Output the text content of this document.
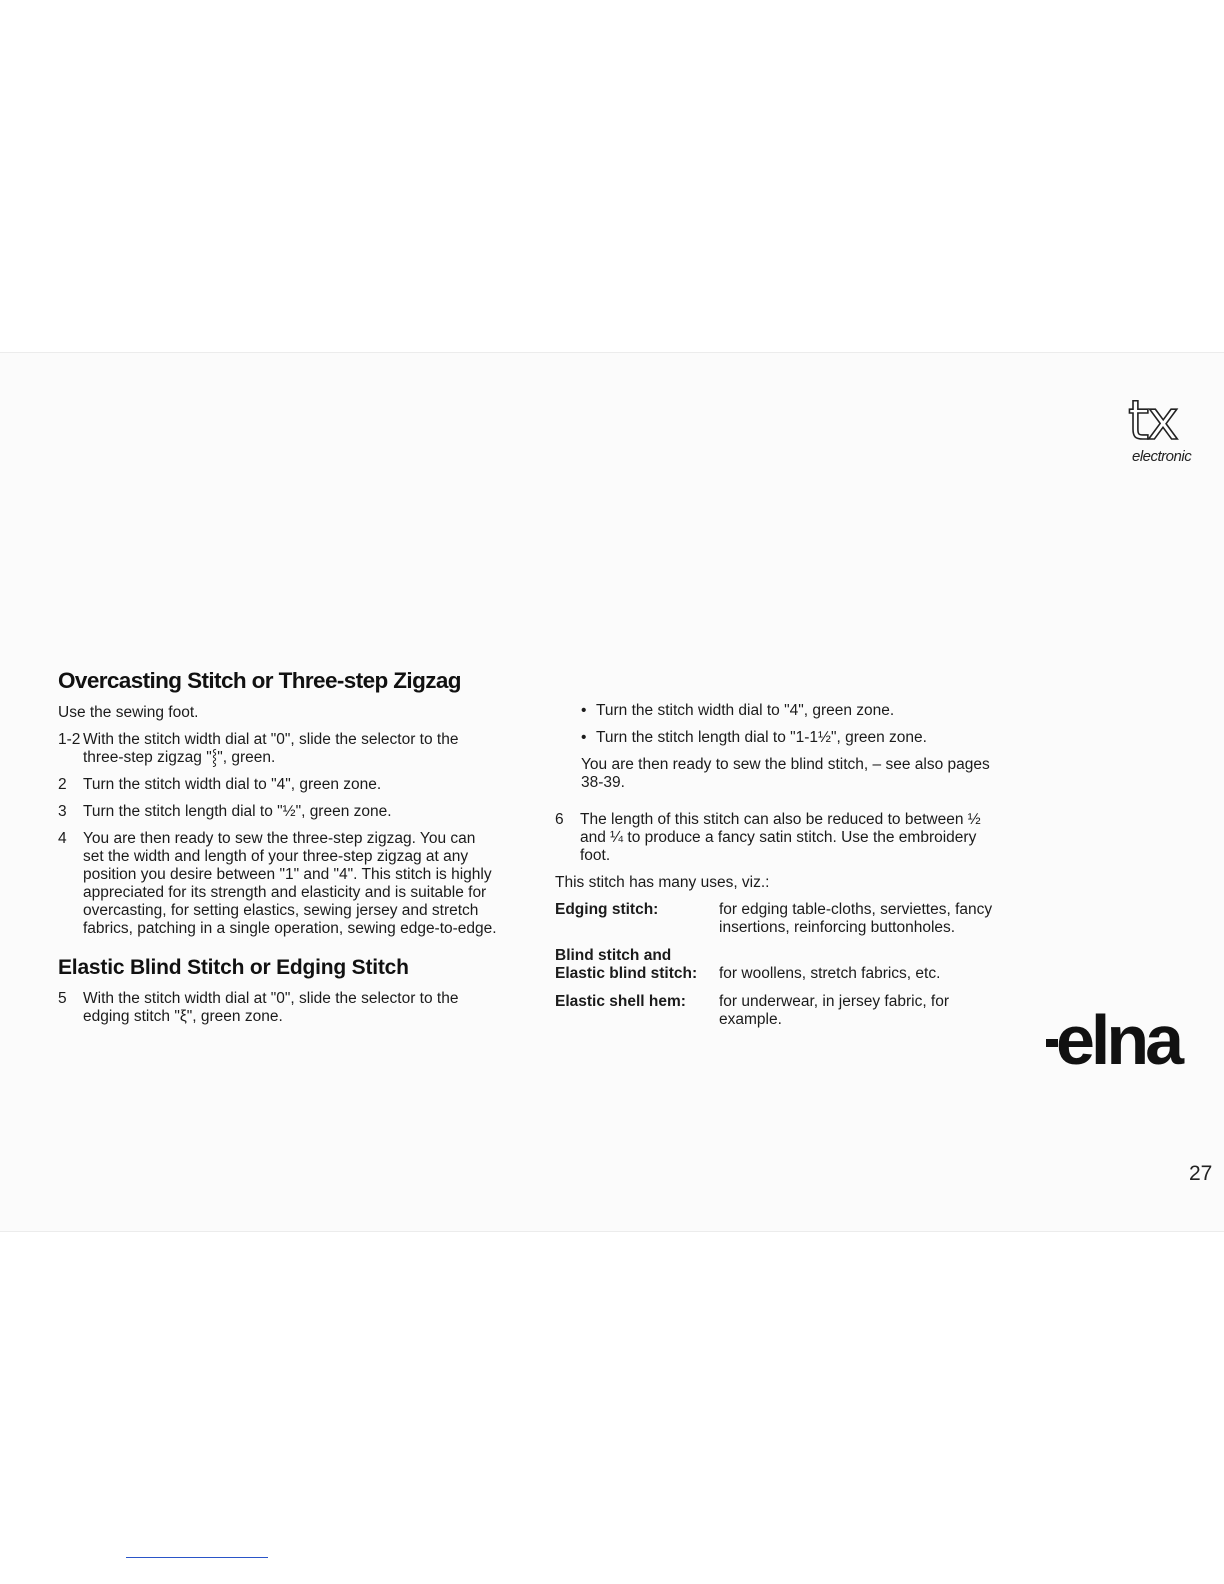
tx
electronic
Overcasting Stitch or Three-step Zigzag

Use the sewing foot.

1-2 With the stitch width dial at "0", slide the selector to the three-step zigzag "⸾", green.
2	Turn the stitch width dial to "4", green zone.
3	Turn the stitch length dial to "½", green zone.
4	You are then ready to sew the three-step zigzag. You can set the width and length of your three-step zigzag at any position you desire between "1" and "4". This stitch is highly appreciated for its strength and elasticity and is suitable for overcasting, for setting elastics, sewing jersey and stretch fabrics, patching in a single operation, sewing edge-to-edge.
Elastic Blind Stitch or Edging Stitch
5	With the stitch width dial at "0", slide the selector to the edging stitch "ξ", green zone.
• Turn the stitch width dial to "4", green zone.
• Turn the stitch length dial to "1-1½", green zone.

You are then ready to sew the blind stitch, – see also pages 38-39.

6	The length of this stitch can also be reduced to between ½ and ¼ to produce a fancy satin stitch. Use the embroidery foot.

This stitch has many uses, viz.:

Edging stitch:	for edging table-cloths, serviettes, fancy insertions, reinforcing buttonholes.
Blind stitch and Elastic blind stitch:	for woollens, stretch fabrics, etc.
Elastic shell hem:	for underwear, in jersey fabric, for example.	elna
27
